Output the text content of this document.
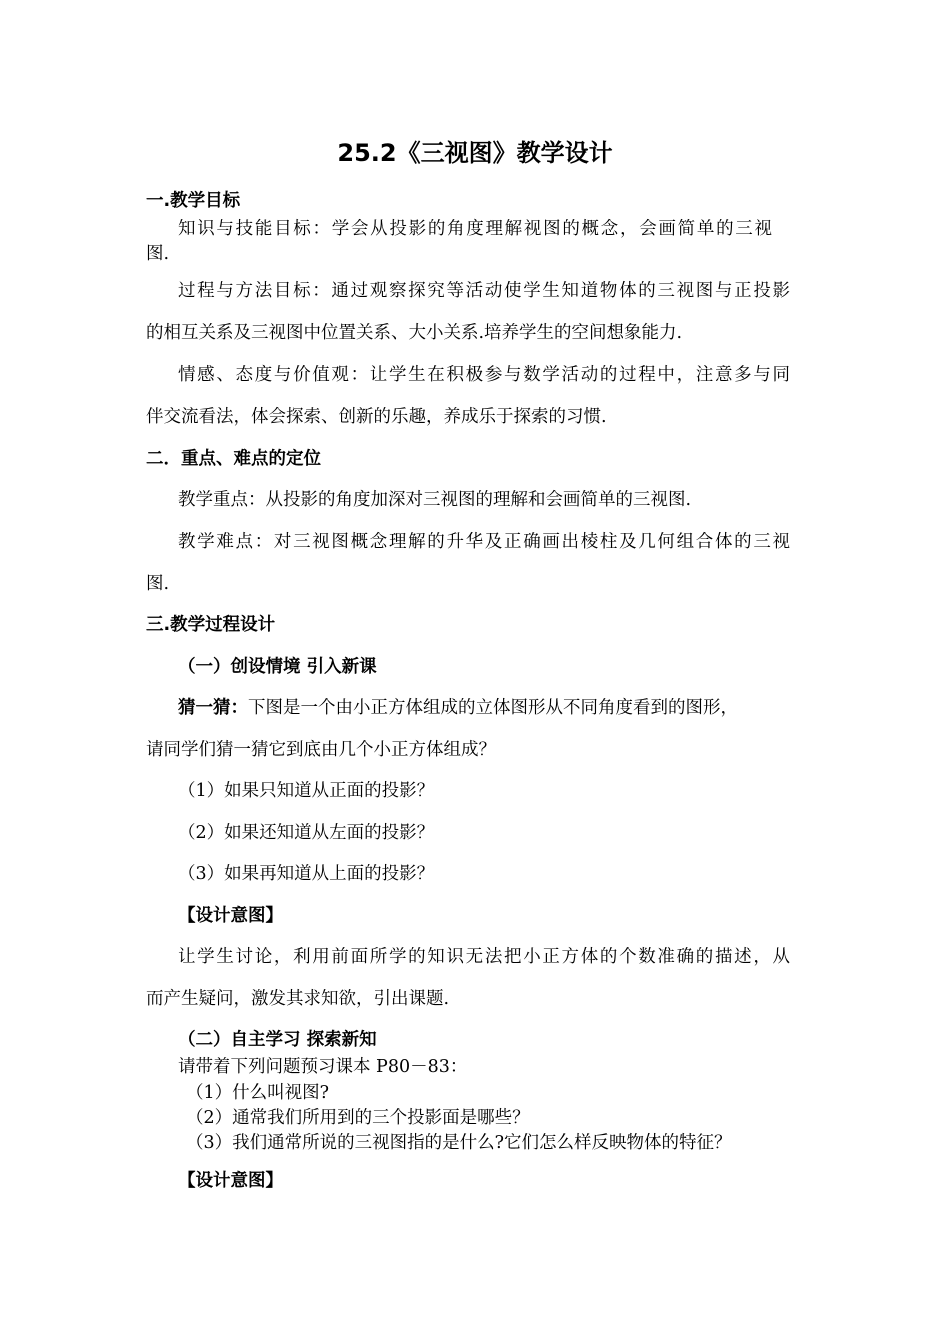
25.2《三视图》教学设计
一.教学目标
知识与技能目标：学会从投影的角度理解视图的概念，会画简单的三视
图.
过程与方法目标：通过观察探究等活动使学生知道物体的三视图与正投影
的相互关系及三视图中位置关系、大小关系.培养学生的空间想象能力.
情感、态度与价值观：让学生在积极参与数学活动的过程中，注意多与同
伴交流看法，体会探索、创新的乐趣，养成乐于探索的习惯.
二．重点、难点的定位
教学重点：从投影的角度加深对三视图的理解和会画简单的三视图.
教学难点：对三视图概念理解的升华及正确画出棱柱及几何组合体的三视
图.
三.教学过程设计
（一）创设情境 引入新课
猜一猜：下图是一个由小正方体组成的立体图形从不同角度看到的图形，
请同学们猜一猜它到底由几个小正方体组成？
（1）如果只知道从正面的投影？
（2）如果还知道从左面的投影？
（3）如果再知道从上面的投影？
【设计意图】
让学生讨论，利用前面所学的知识无法把小正方体的个数准确的描述，从
而产生疑问，激发其求知欲，引出课题.
（二）自主学习 探索新知
请带着下列问题预习课本 P80－83：
（1）什么叫视图?
（2）通常我们所用到的三个投影面是哪些？
（3）我们通常所说的三视图指的是什么?它们怎么样反映物体的特征？
【设计意图】
